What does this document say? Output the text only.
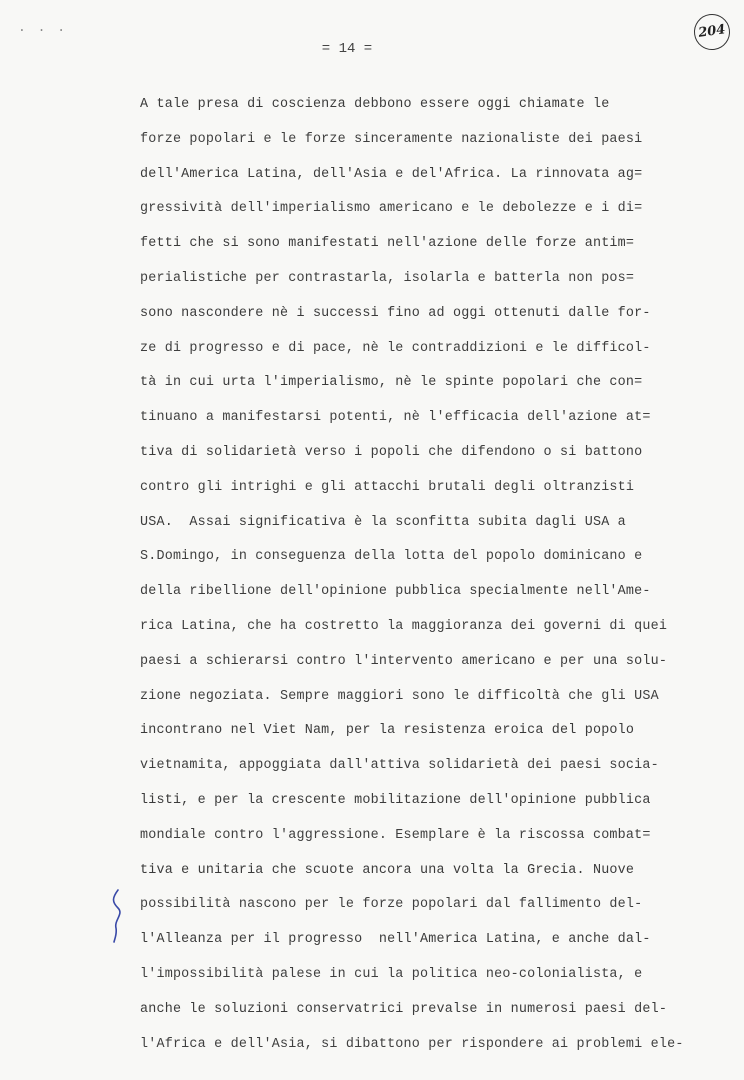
. . .
= 14 =
204
A tale presa di coscienza debbono essere oggi chiamate le
forze popolari e le forze sinceramente nazionaliste dei paesi
dell'America Latina, dell'Asia e del'Africa. La rinnovata ag=
gressività dell'imperialismo americano e le debolezze e i di=
fetti che si sono manifestati nell'azione delle forze antim=
perialistiche per contrastarla, isolarla e batterla non pos=
sono nascondere nè i successi fino ad oggi ottenuti dalle for-
ze di progresso e di pace, nè le contraddizioni e le difficol-
tà in cui urta l'imperialismo, nè le spinte popolari che con=
tinuano a manifestarsi potenti, nè l'efficacia dell'azione at=
tiva di solidarietà verso i popoli che difendono o si battono
contro gli intrighi e gli attacchi brutali degli oltranzisti
USA.  Assai significativa è la sconfitta subita dagli USA a
S.Domingo, in conseguenza della lotta del popolo dominicano e
della ribellione dell'opinione pubblica specialmente nell'Ame-
rica Latina, che ha costretto la maggioranza dei governi di quei
paesi a schierarsi contro l'intervento americano e per una solu-
zione negoziata. Sempre maggiori sono le difficoltà che gli USA
incontrano nel Viet Nam, per la resistenza eroica del popolo
vietnamita, appoggiata dall'attiva solidarietà dei paesi socia-
listi, e per la crescente mobilitazione dell'opinione pubblica
mondiale contro l'aggressione. Esemplare è la riscossa combat=
tiva e unitaria che scuote ancora una volta la Grecia. Nuove
possibilità nascono per le forze popolari dal fallimento del-
l'Alleanza per il progresso  nell'America Latina, e anche dal-
l'impossibilità palese in cui la politica neo-colonialista, e
anche le soluzioni conservatrici prevalse in numerosi paesi del-
l'Africa e dell'Asia, si dibattono per rispondere ai problemi ele-
